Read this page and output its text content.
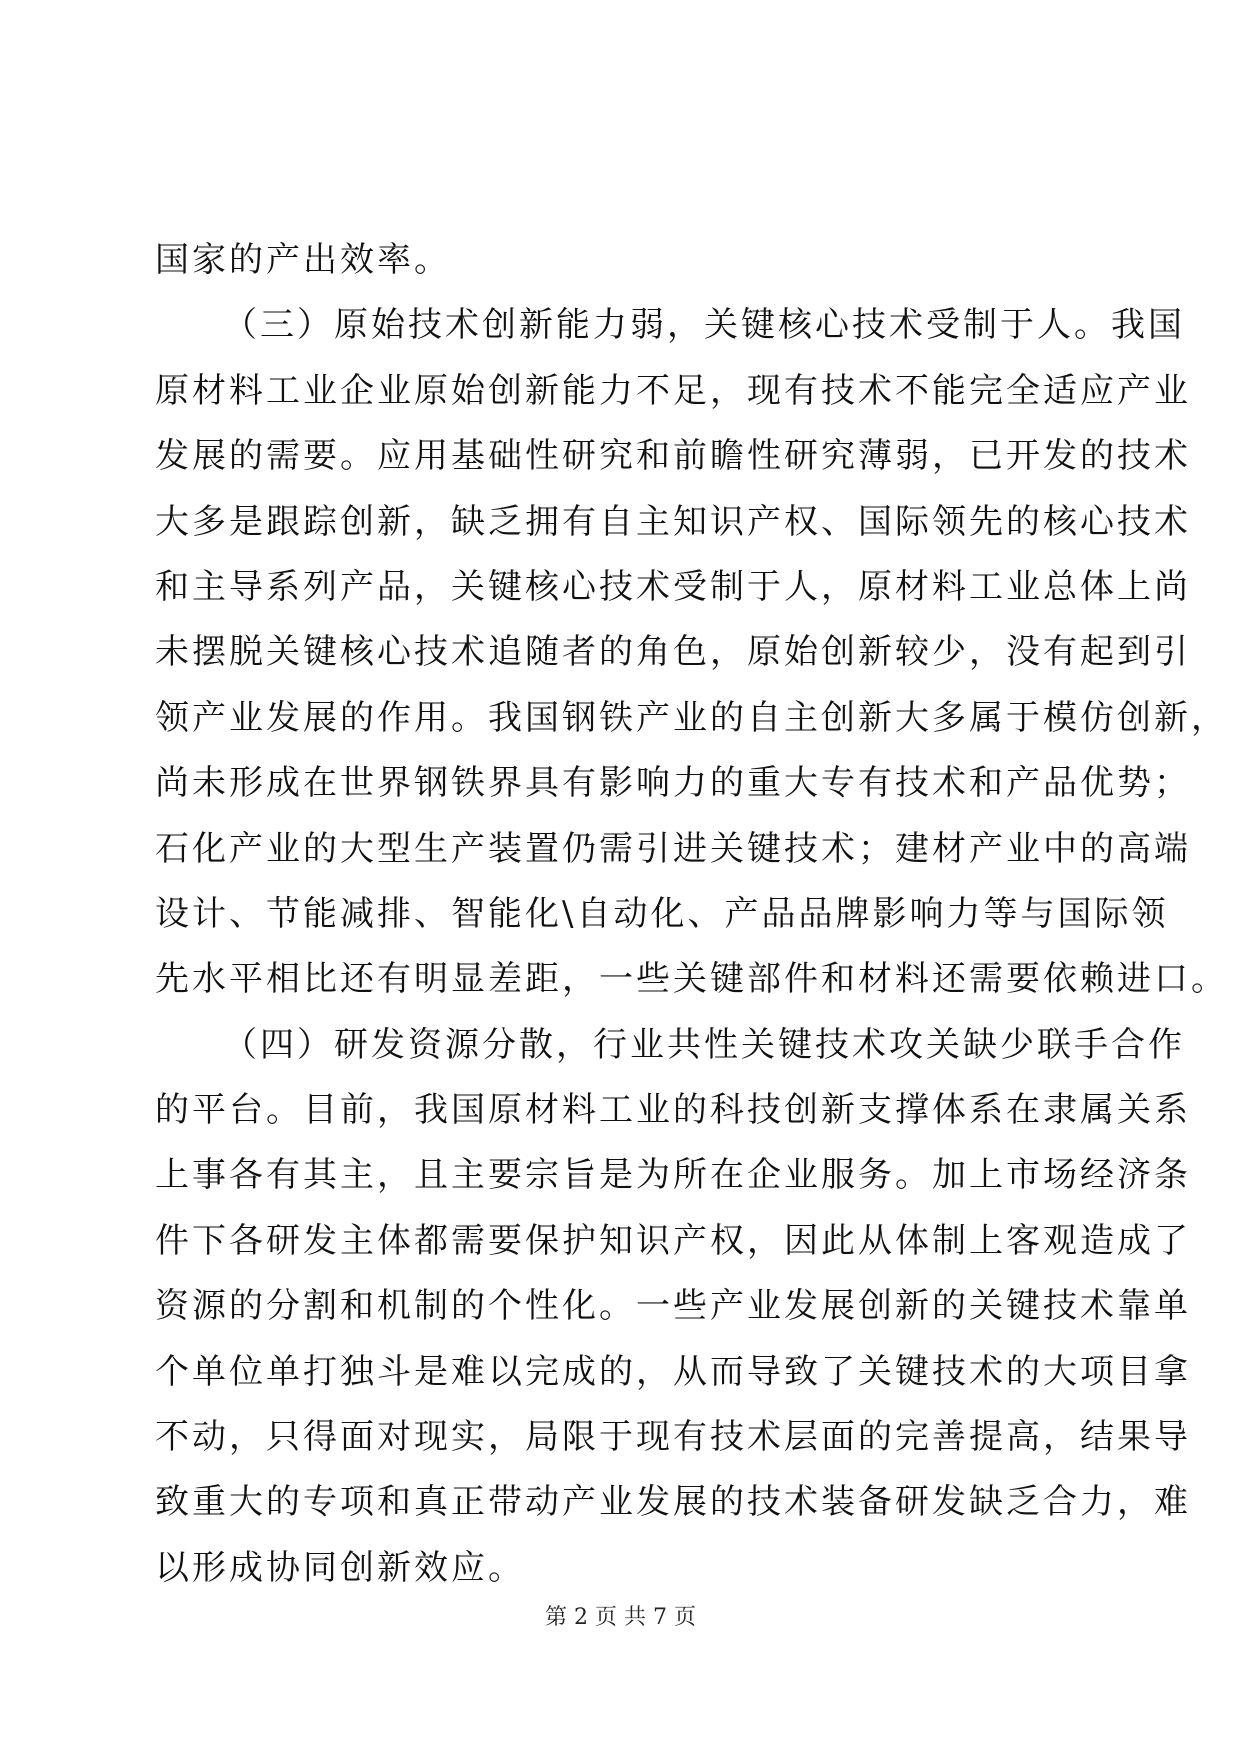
国家的产出效率。
（三）原始技术创新能力弱，关键核心技术受制于人。我国
原材料工业企业原始创新能力不足，现有技术不能完全适应产业
发展的需要。应用基础性研究和前瞻性研究薄弱，已开发的技术
大多是跟踪创新，缺乏拥有自主知识产权、国际领先的核心技术
和主导系列产品，关键核心技术受制于人，原材料工业总体上尚
未摆脱关键核心技术追随者的角色，原始创新较少，没有起到引
领产业发展的作用。我国钢铁产业的自主创新大多属于模仿创新，
尚未形成在世界钢铁界具有影响力的重大专有技术和产品优势；
石化产业的大型生产装置仍需引进关键技术；建材产业中的高端
设计、节能减排、智能化\自动化、产品品牌影响力等与国际领
先水平相比还有明显差距，一些关键部件和材料还需要依赖进口。
（四）研发资源分散，行业共性关键技术攻关缺少联手合作
的平台。目前，我国原材料工业的科技创新支撑体系在隶属关系
上事各有其主，且主要宗旨是为所在企业服务。加上市场经济条
件下各研发主体都需要保护知识产权，因此从体制上客观造成了
资源的分割和机制的个性化。一些产业发展创新的关键技术靠单
个单位单打独斗是难以完成的，从而导致了关键技术的大项目拿
不动，只得面对现实，局限于现有技术层面的完善提高，结果导
致重大的专项和真正带动产业发展的技术装备研发缺乏合力，难
以形成协同创新效应。
第 2 页 共 7 页
